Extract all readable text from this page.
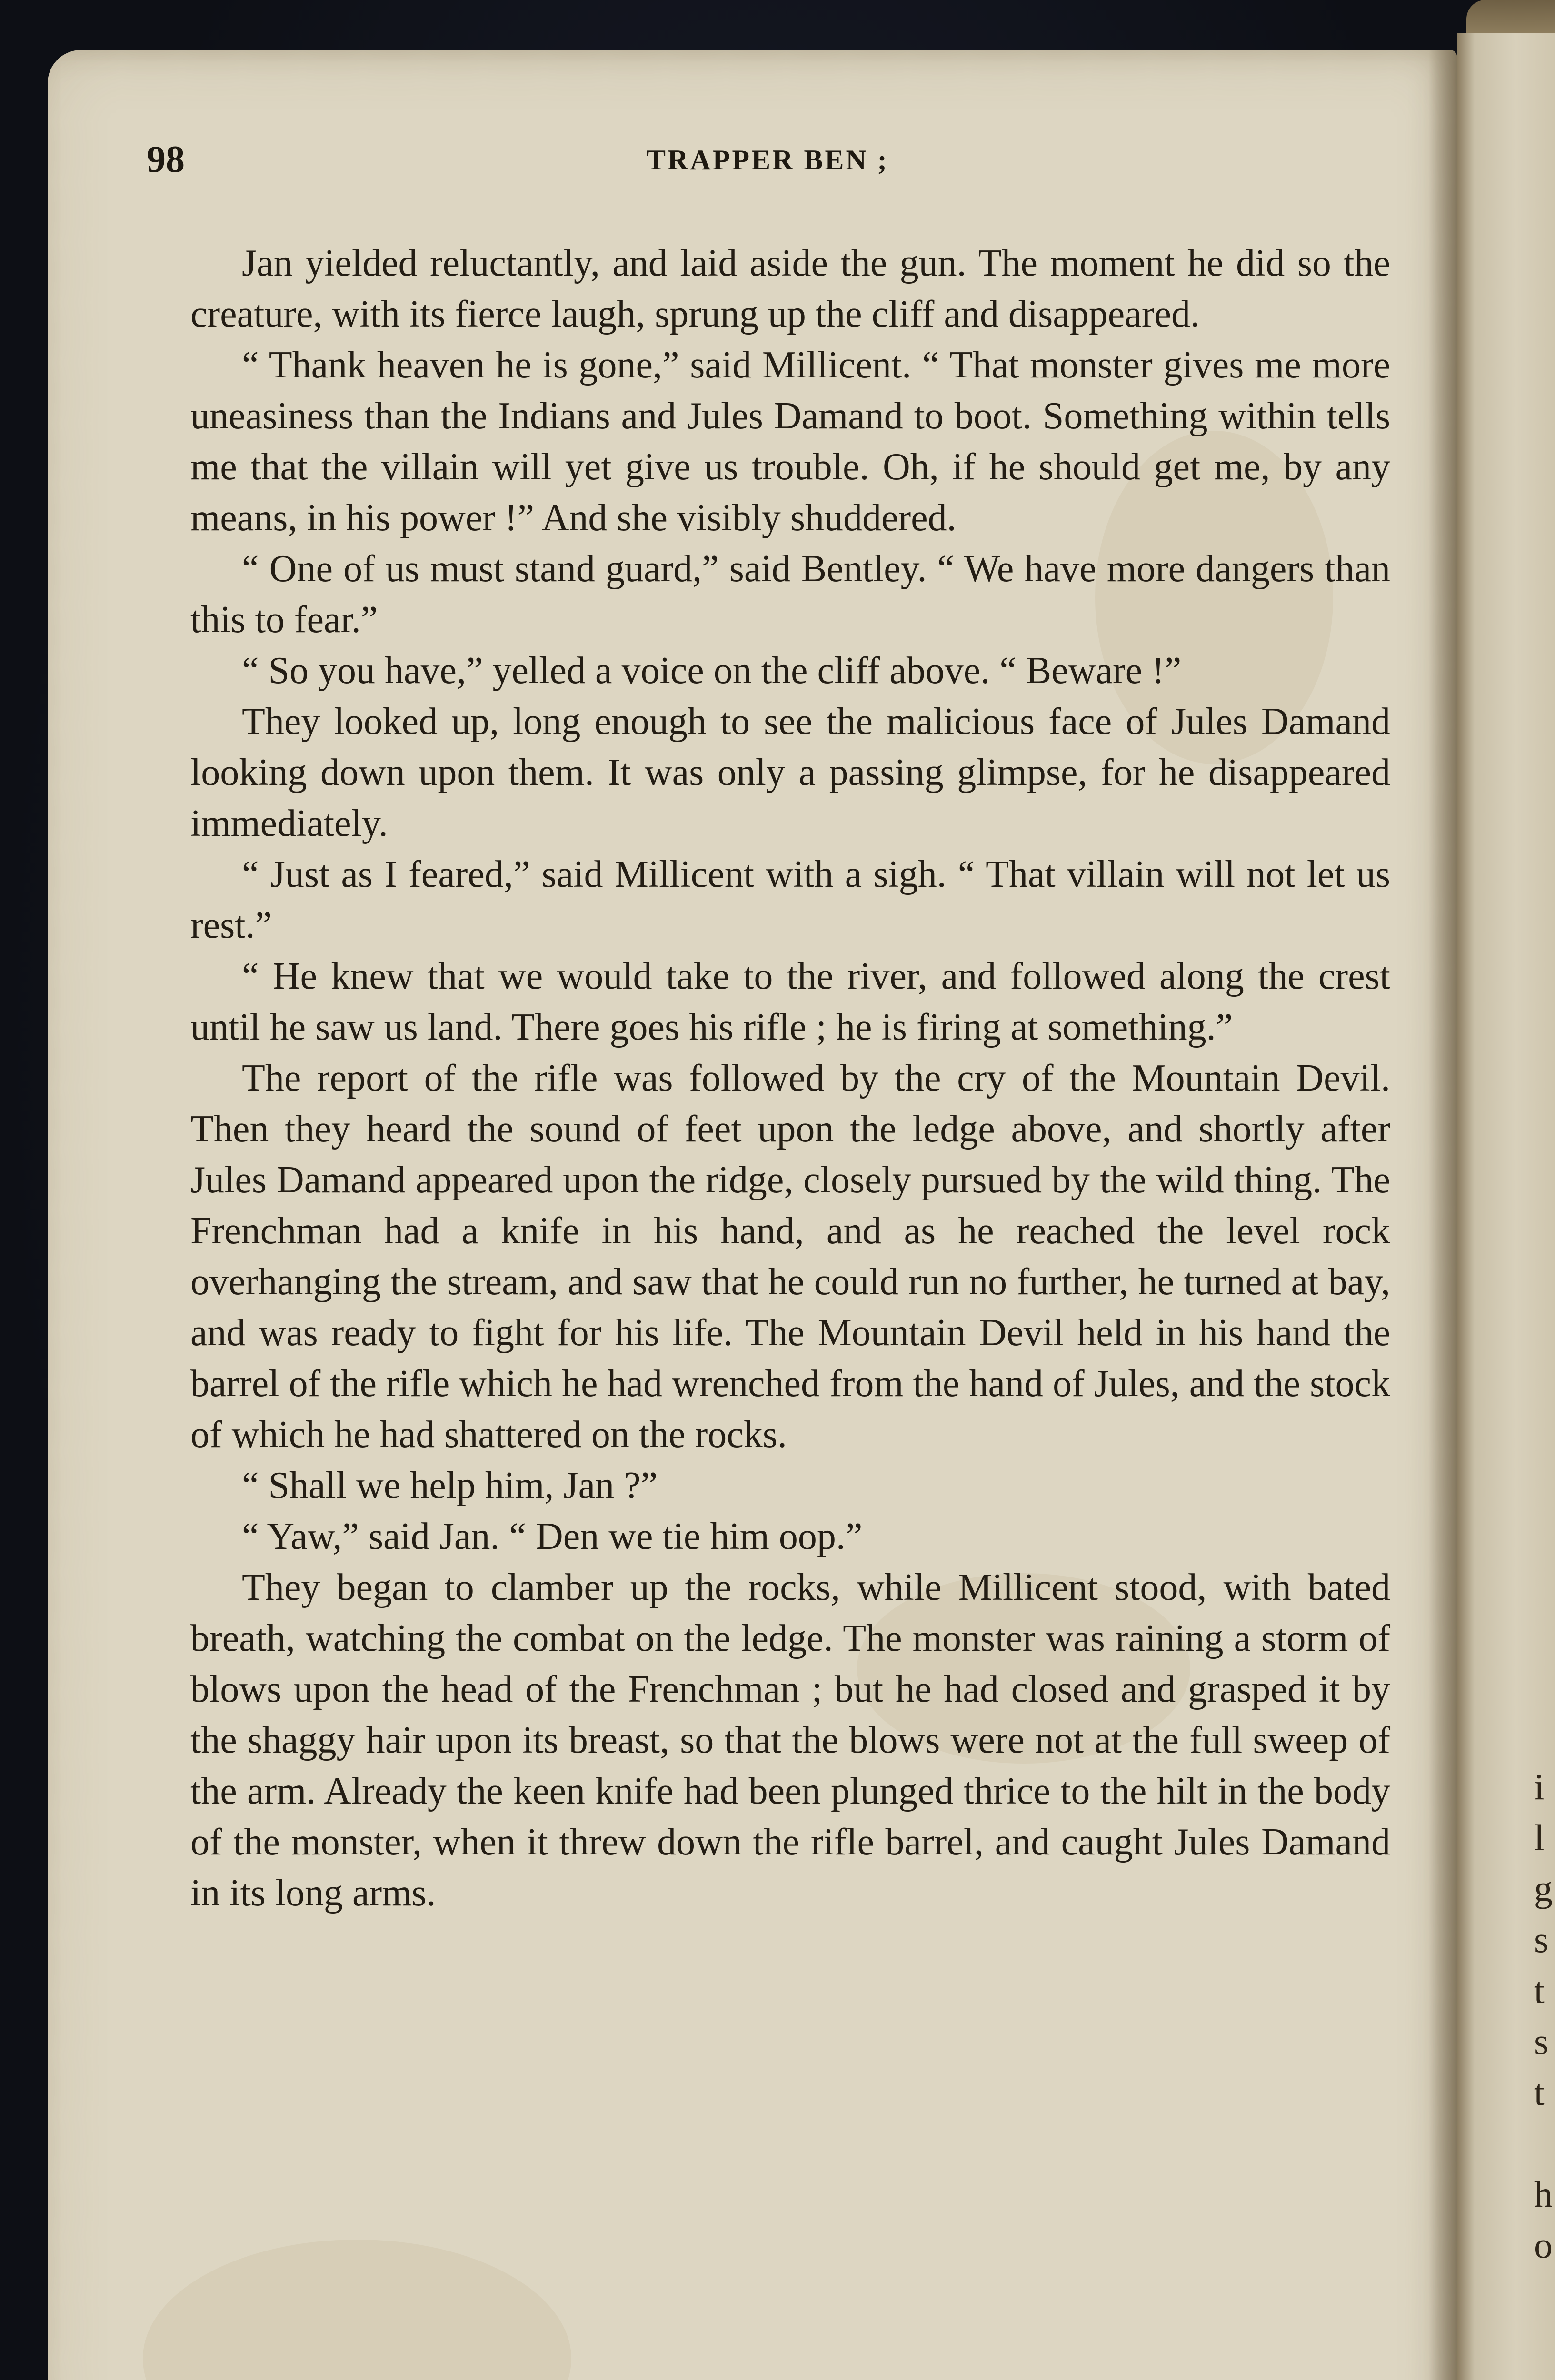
i
l
g
s
t
s
t
h
o
98	TRAPPER BEN ;

Jan yielded reluctantly, and laid aside the gun. The moment he did so the creature, with its fierce laugh, sprung up the cliff and disappeared.

“ Thank heaven he is gone,” said Millicent. “ That monster gives me more uneasiness than the Indians and Jules Damand to boot. Something within tells me that the villain will yet give us trouble. Oh, if he should get me, by any means, in his power !” And she visibly shuddered.

“ One of us must stand guard,” said Bentley. “ We have more dangers than this to fear.”

“ So you have,” yelled a voice on the cliff above. “ Beware !”

They looked up, long enough to see the malicious face of Jules Damand looking down upon them. It was only a passing glimpse, for he disappeared immediately.

“ Just as I feared,” said Millicent with a sigh. “ That villain will not let us rest.”

“ He knew that we would take to the river, and followed along the crest until he saw us land. There goes his rifle ; he is firing at something.”

The report of the rifle was followed by the cry of the Mountain Devil. Then they heard the sound of feet upon the ledge above, and shortly after Jules Damand appeared upon the ridge, closely pursued by the wild thing. The Frenchman had a knife in his hand, and as he reached the level rock overhanging the stream, and saw that he could run no further, he turned at bay, and was ready to fight for his life. The Mountain Devil held in his hand the barrel of the rifle which he had wrenched from the hand of Jules, and the stock of which he had shattered on the rocks.

“ Shall we help him, Jan ?”

“ Yaw,” said Jan. “ Den we tie him oop.”

They began to clamber up the rocks, while Millicent stood, with bated breath, watching the combat on the ledge. The monster was raining a storm of blows upon the head of the Frenchman ; but he had closed and grasped it by the shaggy hair upon its breast, so that the blows were not at the full sweep of the arm. Already the keen knife had been plunged thrice to the hilt in the body of the monster, when it threw down the rifle barrel, and caught Jules Damand in its long arms.
